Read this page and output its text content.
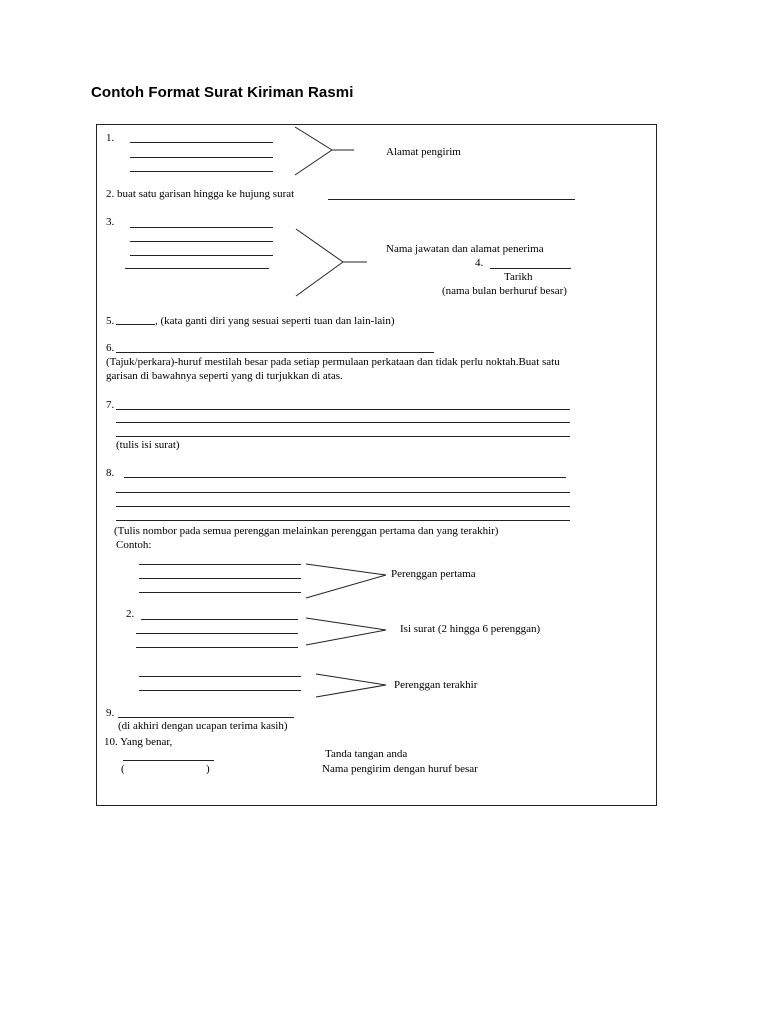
Contoh Format Surat Kiriman Rasmi
1.
Alamat pengirim
2. buat satu garisan hingga ke hujung surat
3.
Nama jawatan dan alamat penerima
4.
Tarikh
(nama bulan berhuruf besar)
5.	, (kata ganti diri yang sesuai seperti tuan dan lain-lain)
6.
(Tajuk/perkara)-huruf mestilah besar pada setiap permulaan perkataan dan tidak perlu noktah.Buat satu
garisan di bawahnya seperti yang di turjukkan di atas.
7.
(tulis isi surat)
8.
(Tulis nombor pada semua perenggan melainkan perenggan pertama dan yang terakhir)
Contoh:
Perenggan pertama
2.
Isi surat (2 hingga 6 perenggan)
Perenggan terakhir
9.
(di akhiri dengan ucapan terima kasih)
10. Yang benar,
Tanda tangan anda
(	)	Nama pengirim dengan huruf besar
